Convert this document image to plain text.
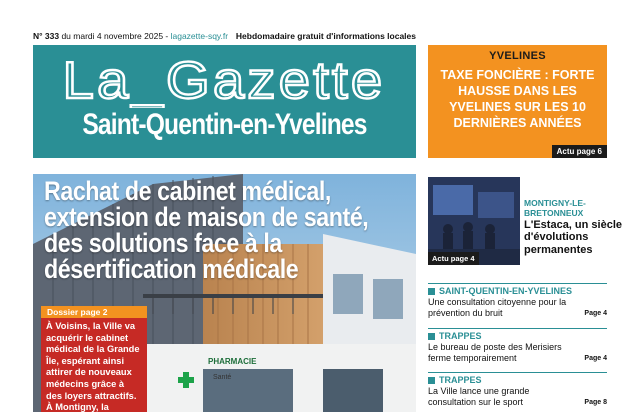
N° 333 du mardi 4 novembre 2025 - lagazette-sqy.fr Hebdomadaire gratuit d'informations locales
La_Gazette
Saint-Quentin-en-Yvelines
YVELINES
TAXE FONCIÈRE : FORTE HAUSSE DANS LES YVELINES SUR LES 10 DERNIÈRES ANNÉES
Actu page 6
PHARMACIE
Santé
Rachat de cabinet médical, extension de maison de santé, des solutions face à la désertification médicale
Dossier page 2
À Voisins, la Ville va acquérir le cabinet médical de la Grande Île, espérant ainsi attirer de nouveaux médecins grâce à des loyers attractifs. À Montigny, la
Actu page 4
MONTIGNY-LE-BRETONNEUX
L'Estaca, un siècle d'évolutions permanentes
SAINT-QUENTIN-EN-YVELINES
Une consultation citoyenne pour la prévention du bruit	Page 4
TRAPPES
Le bureau de poste des Merisiers ferme temporairement	Page 4
TRAPPES
La Ville lance une grande consultation sur le sport	Page 8
